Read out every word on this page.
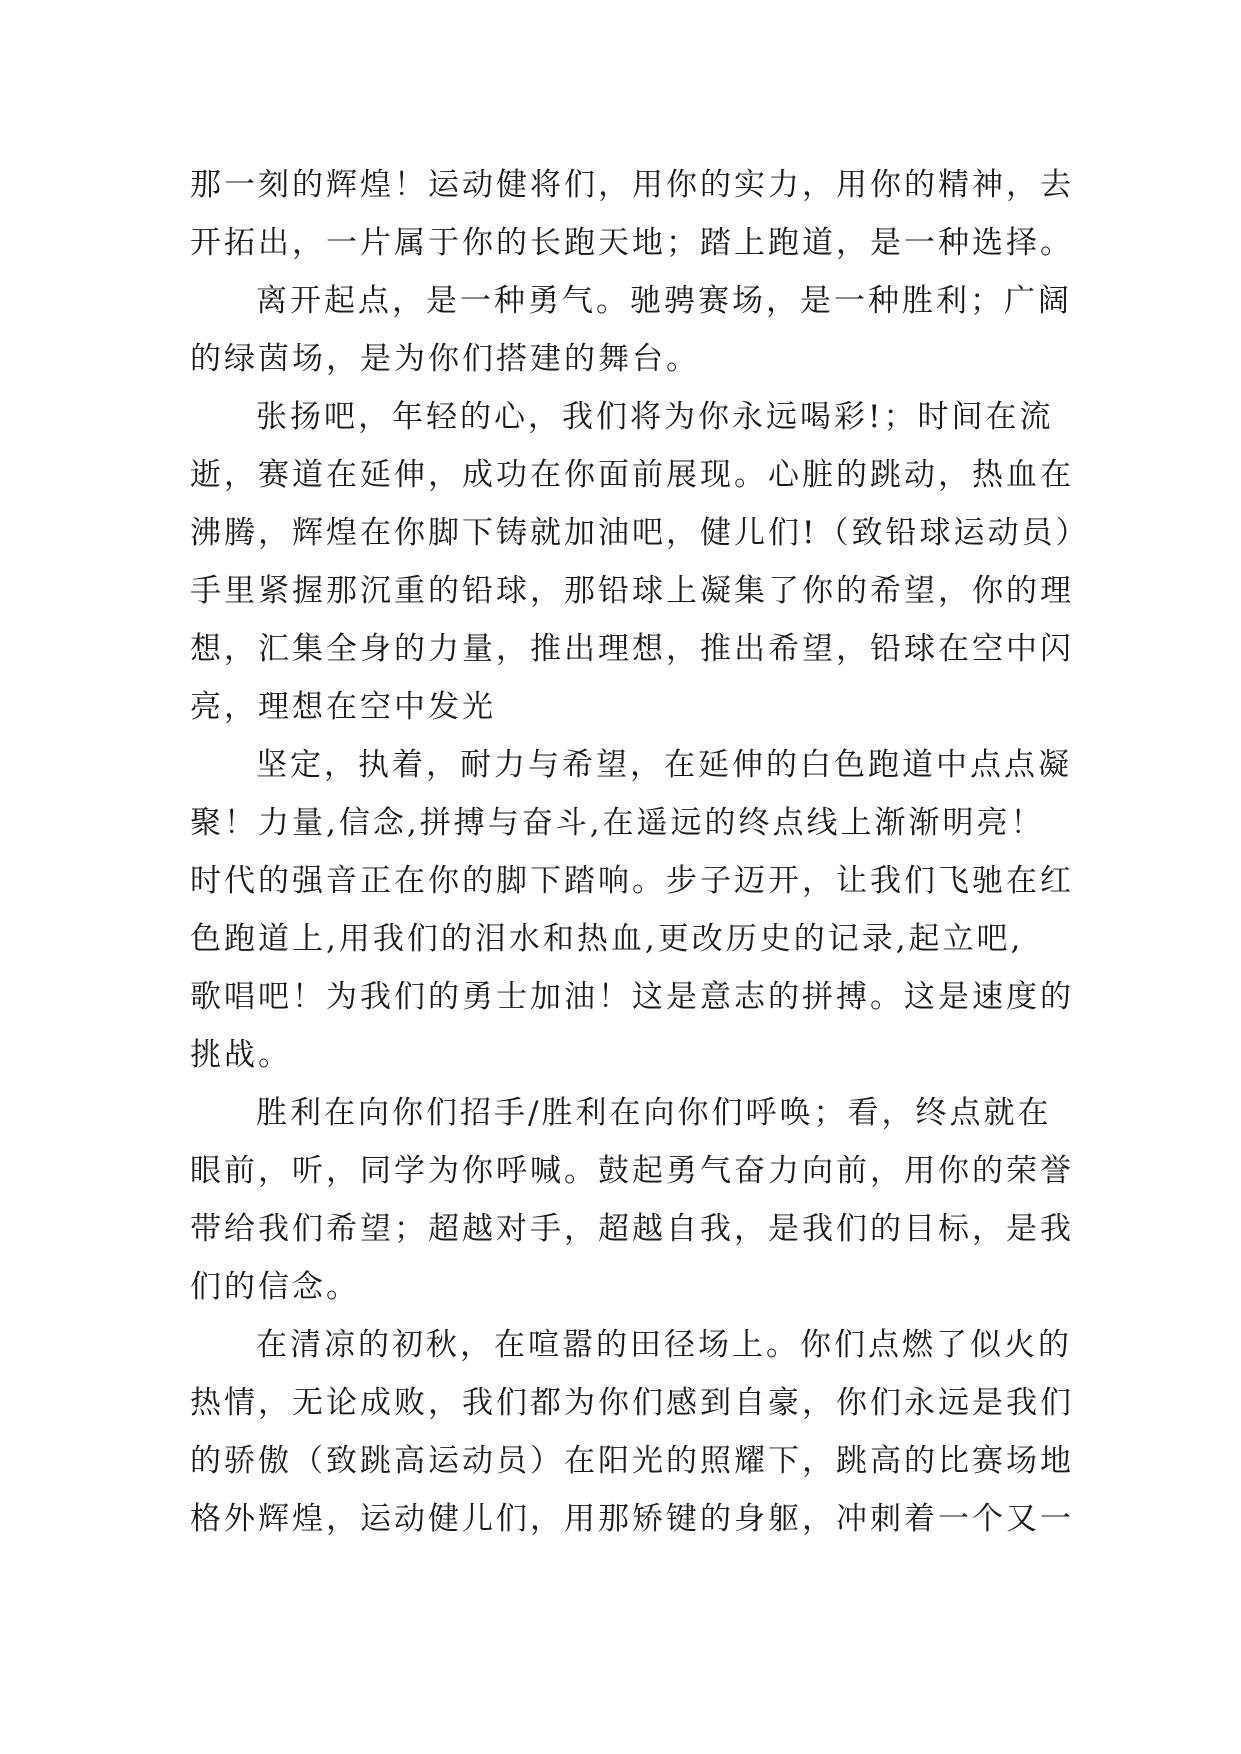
那一刻的辉煌！运动健将们，用你的实力，用你的精神，去
开拓出，一片属于你的长跑天地；踏上跑道，是一种选择。
离开起点，是一种勇气。驰骋赛场，是一种胜利；广阔
的绿茵场，是为你们搭建的舞台。
张扬吧，年轻的心，我们将为你永远喝彩!；时间在流
逝，赛道在延伸，成功在你面前展现。心脏的跳动，热血在
沸腾，辉煌在你脚下铸就加油吧，健儿们!（致铅球运动员）
手里紧握那沉重的铅球，那铅球上凝集了你的希望，你的理
想，汇集全身的力量，推出理想，推出希望，铅球在空中闪
亮，理想在空中发光
坚定，执着，耐力与希望，在延伸的白色跑道中点点凝
聚！力量,信念,拼搏与奋斗,在遥远的终点线上渐渐明亮！
时代的强音正在你的脚下踏响。步子迈开，让我们飞驰在红
色跑道上,用我们的泪水和热血,更改历史的记录,起立吧,
歌唱吧！为我们的勇士加油！这是意志的拼搏。这是速度的
挑战。
胜利在向你们招手/胜利在向你们呼唤；看，终点就在
眼前，听，同学为你呼喊。鼓起勇气奋力向前，用你的荣誉
带给我们希望；超越对手，超越自我，是我们的目标，是我
们的信念。
在清凉的初秋，在喧嚣的田径场上。你们点燃了似火的
热情，无论成败，我们都为你们感到自豪，你们永远是我们
的骄傲（致跳高运动员）在阳光的照耀下，跳高的比赛场地
格外辉煌，运动健儿们，用那矫键的身躯，冲刺着一个又一
